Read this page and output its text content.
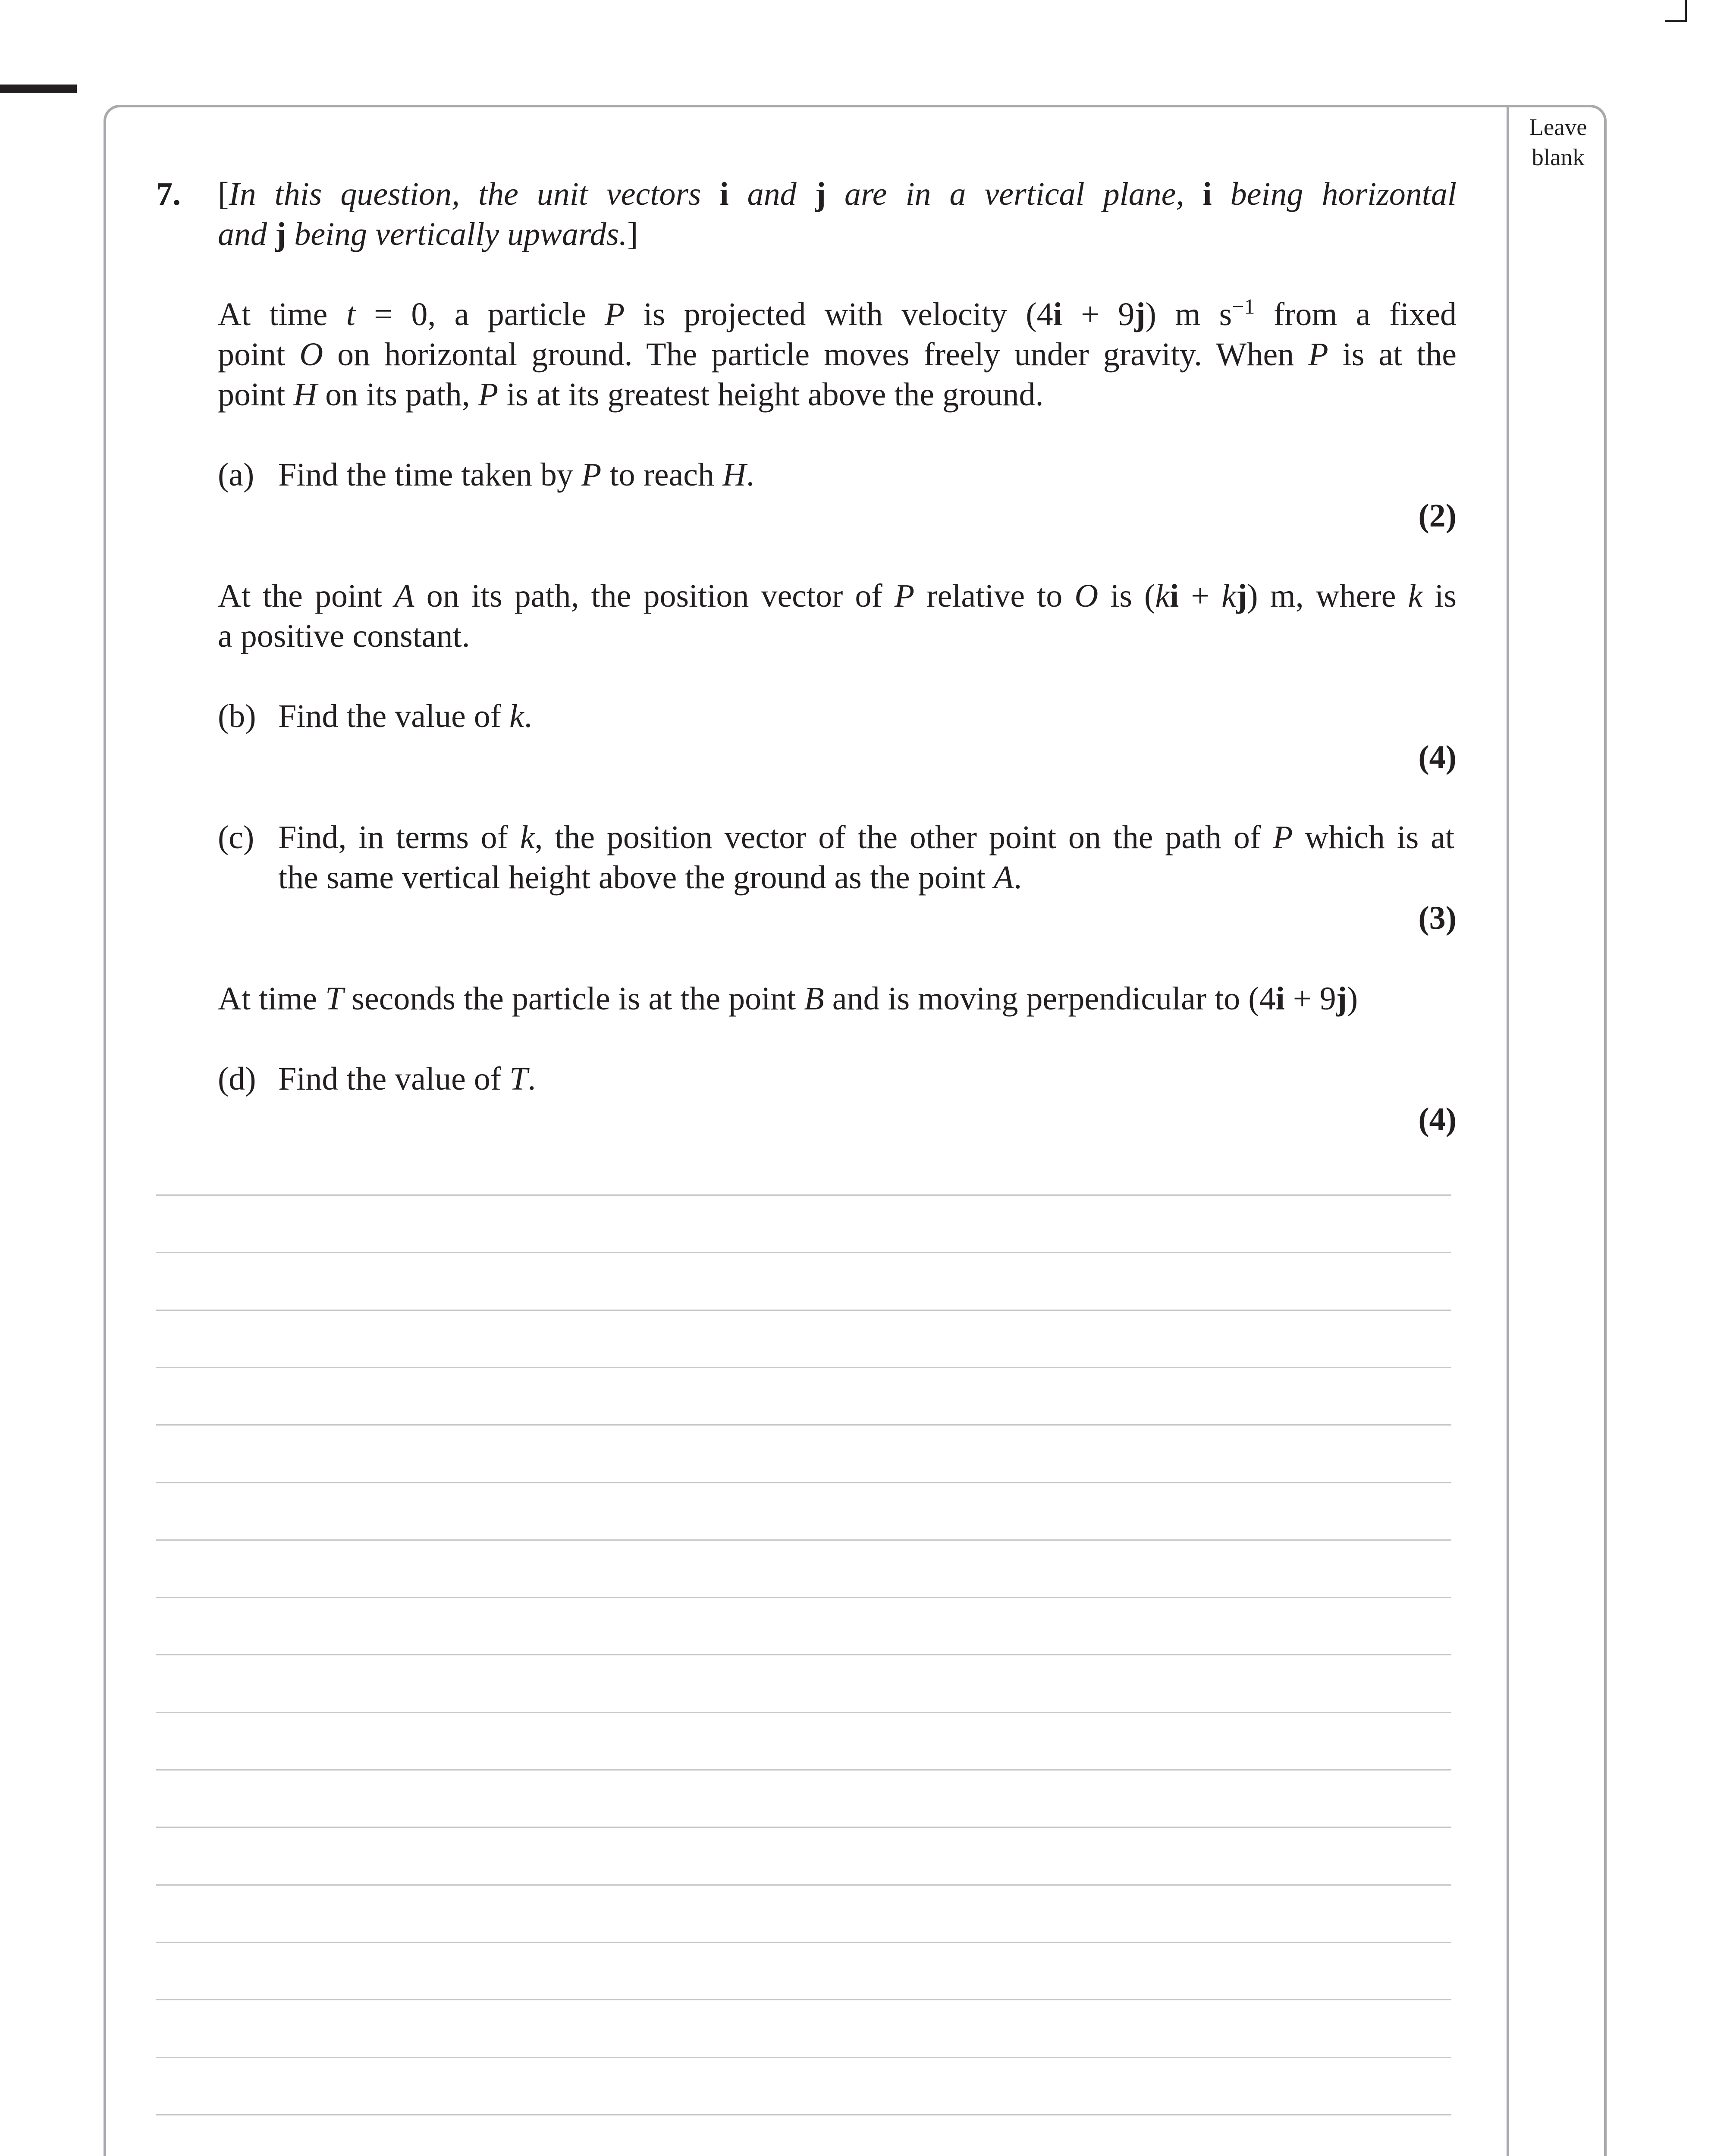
Leave
blank
7. [In this question, the unit vectors i and j are in a vertical plane, i being horizontal
and j being vertically upwards.]
At time t = 0, a particle P is projected with velocity (4i + 9j) m $s^{-1}$ from a fixed
point O on horizontal ground. The particle moves freely under gravity. When P is at the
point H on its path, P is at its greatest height above the ground.
(a) Find the time taken by P to reach H.
(2)
At the point A on its path, the position vector of P relative to O is (ki + kj) m, where k is
a positive constant.
(b) Find the value of k.
(4)
(c) Find, in terms of k, the position vector of the other point on the path of P which is at
the same vertical height above the ground as the point A.
(3)
At time T seconds the particle is at the point B and is moving perpendicular to (4i + 9j)
(d) Find the value of T.
(4)
